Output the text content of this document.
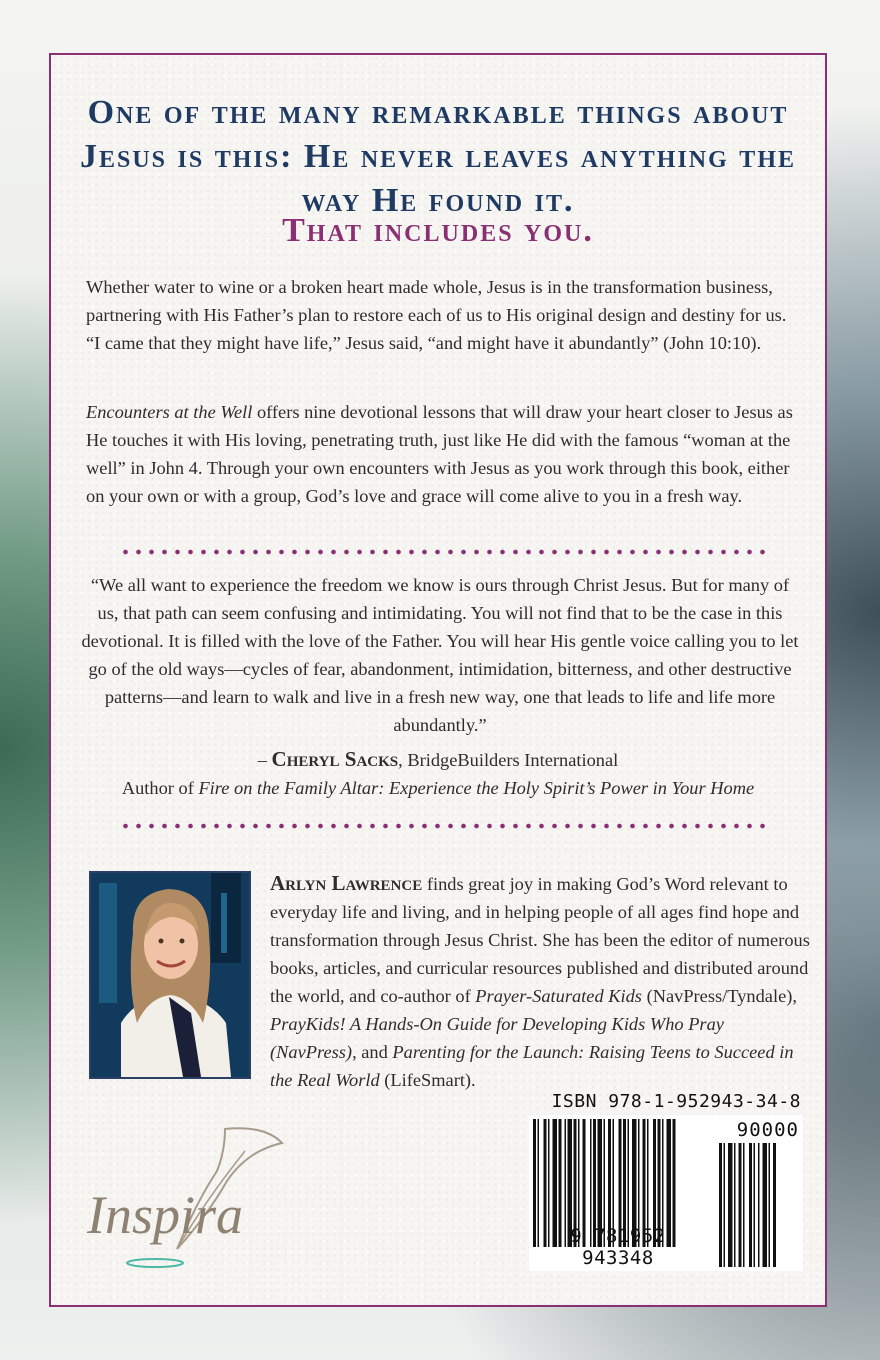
One of the many remarkable things about Jesus is this: He never leaves anything the way He found it.
That includes you.

Whether water to wine or a broken heart made whole, Jesus is in the transformation business, partnering with His Father’s plan to restore each of us to His original design and destiny for us. “I came that they might have life,” Jesus said, “and might have it abundantly” (John 10:10).

Encounters at the Well offers nine devotional lessons that will draw your heart closer to Jesus as He touches it with His loving, penetrating truth, just like He did with the famous “woman at the well” in John 4. Through your own encounters with Jesus as you work through this book, either on your own or with a group, God’s love and grace will come alive to you in a fresh way.

“We all want to experience the freedom we know is ours through Christ Jesus. But for many of us, that path can seem confusing and intimidating. You will not find that to be the case in this devotional. It is filled with the love of the Father. You will hear His gentle voice calling you to let go of the old ways—cycles of fear, abandonment, intimidation, bitterness, and other destructive patterns—and learn to walk and live in a fresh new way, one that leads to life and life more abundantly.”
– Cheryl Sacks, BridgeBuilders International
Author of Fire on the Family Altar: Experience the Holy Spirit’s Power in Your Home

Arlyn Lawrence finds great joy in making God’s Word relevant to everyday life and living, and in helping people of all ages find hope and transformation through Jesus Christ. She has been the editor of numerous books, articles, and curricular resources published and distributed around the world, and co-author of Prayer-Saturated Kids (NavPress/Tyndale), PrayKids! A Hands-On Guide for Developing Kids Who Pray (NavPress), and Parenting for the Launch: Raising Teens to Succeed in the Real World (LifeSmart).

Inspira
ISBN 978-1-952943-34-8
90000
9 781952 943348
